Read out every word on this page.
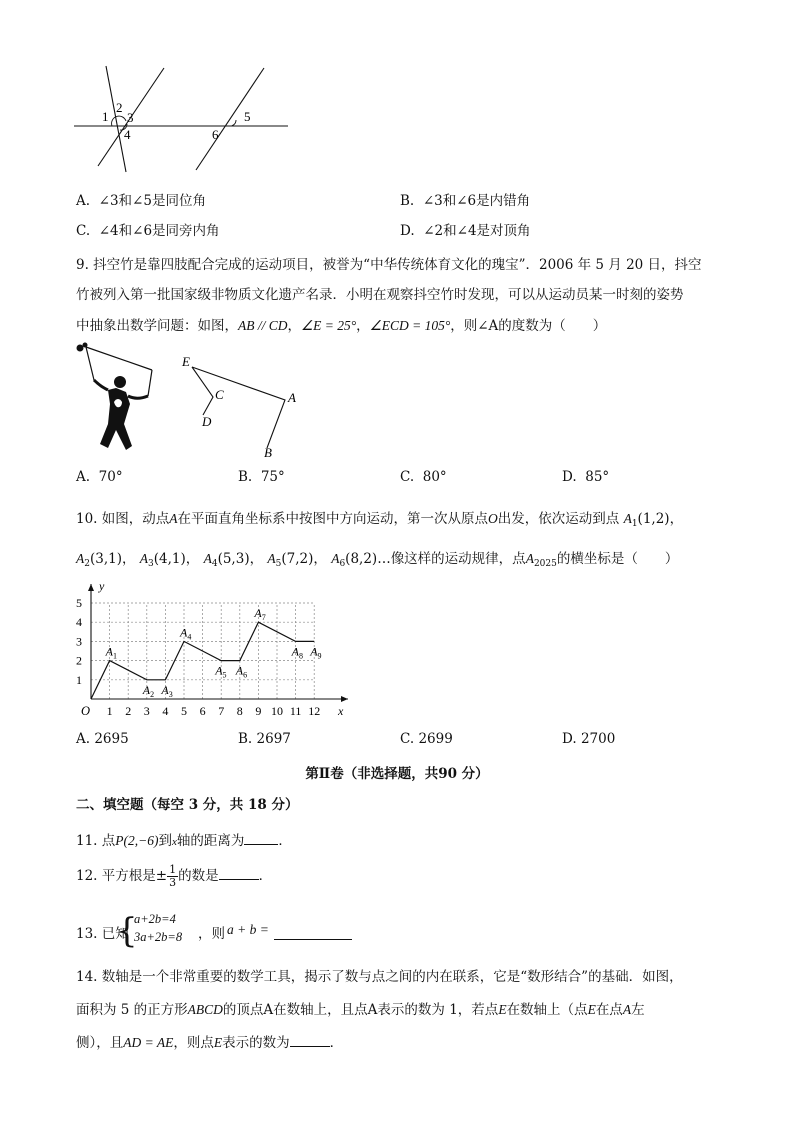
1
2
3
4
5
6
A. ∠3和∠5是同位角	B. ∠3和∠6是内错角
C. ∠4和∠6是同旁内角	D. ∠2和∠4是对顶角
9. 抖空竹是靠四肢配合完成的运动项目，被誉为“中华传统体育文化的瑰宝”．2006 年 5 月 20 日，抖空
竹被列入第一批国家级非物质文化遗产名录．小明在观察抖空竹时发现，可以从运动员某一时刻的姿势
中抽象出数学问题：如图，AB // CD，∠E = 25°，∠ECD = 105°，则∠A的度数为（　　）
E
C
D
A
B
A. 70°	B. 75°	C. 80°	D. 85°
10. 如图，动点A在平面直角坐标系中按图中方向运动，第一次从原点O出发，依次运动到点 $A_1(1,2)$，
$A_2(3,1)$， $A_3(4,1)$， $A_4(5,3)$， $A_5(7,2)$， $A_6(8,2)\dots$像这样的运动规律，点$A_{2025}$的横坐标是（　　）
x
y
O 1 2 3 4 5 6 7 8 9 10 11 12
1
2
3
4
5
$A_1$
$A_2$ $A_3$
$A_4$
$A_5$ $A_6$
$A_7$
$A_8$ $A_9$
A. 2695	B. 2697	C. 2699	D. 2700
第Ⅱ卷（非选择题，共90 分）
二、填空题（每空 3 分，共 18 分）
11. 点P(2,−6)到x轴的距离为	．
12. 平方根是± $\frac{1}{3}$ 的数是	．
13. 已知
{
a+2b=4
3a+2b=8 ，则 a + b =
14. 数轴是一个非常重要的数学工具，揭示了数与点之间的内在联系，它是“数形结合”的基础．如图，
面积为 5 的正方形ABCD的顶点A在数轴上，且点A表示的数为 1，若点E在数轴上（点E在点A左
侧），且AD = AE，则点E表示的数为	．
